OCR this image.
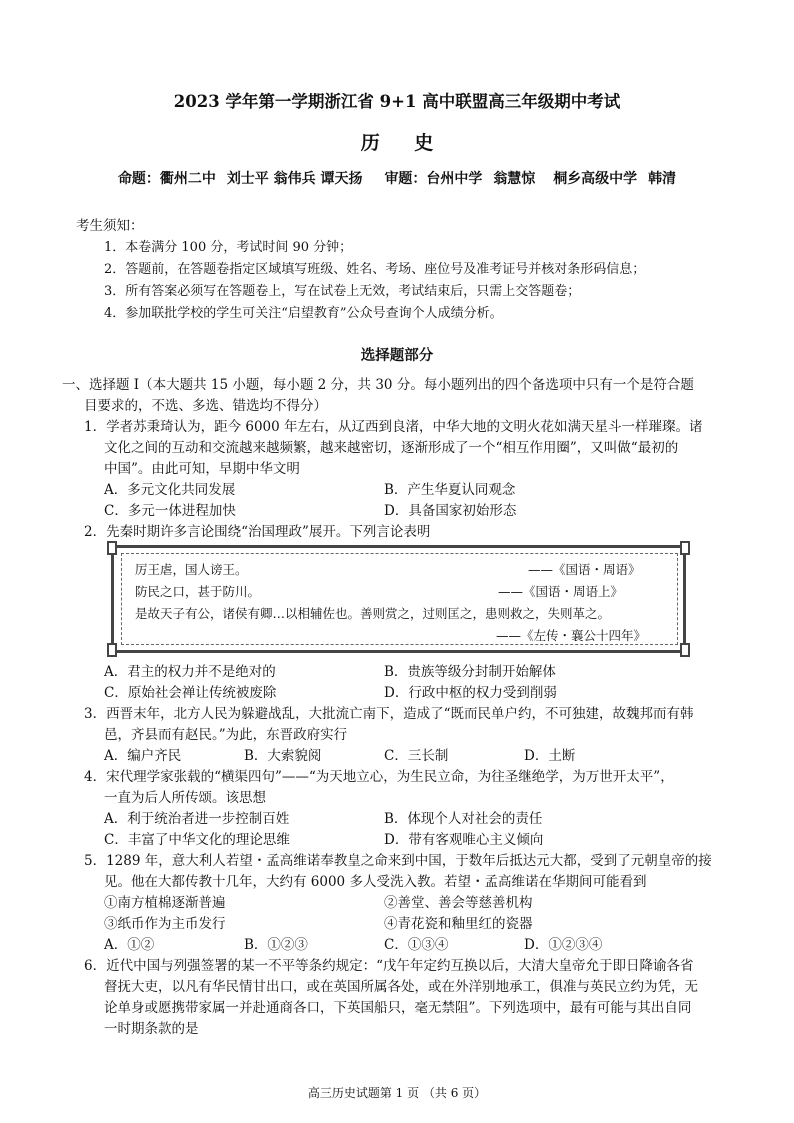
2023 学年第一学期浙江省 9+1 高中联盟高三年级期中考试
历 史
命题：衢州二中 刘士平 翁伟兵 谭天扬 审题：台州中学 翁慧惊 桐乡高级中学 韩清
考生须知：
1．本卷满分 100 分，考试时间 90 分钟；
2．答题前，在答题卷指定区域填写班级、姓名、考场、座位号及准考证号并核对条形码信息；
3．所有答案必须写在答题卷上，写在试卷上无效，考试结束后，只需上交答题卷；
4．参加联批学校的学生可关注“启望教育”公众号查询个人成绩分析。
选择题部分
一、选择题 I（本大题共 15 小题，每小题 2 分，共 30 分。每小题列出的四个备选项中只有一个是符合题
目要求的，不选、多选、错选均不得分）
1．学者苏秉琦认为，距今 6000 年左右，从辽西到良渚，中华大地的文明火花如满天星斗一样璀璨。诸
文化之间的互动和交流越来越频繁，越来越密切，逐渐形成了一个“相互作用圈”，又叫做“最初的
中国”。由此可知，早期中华文明
A．多元文化共同发展	B．产生华夏认同观念
C．多元一体进程加快	D．具备国家初始形态
2．先秦时期许多言论围绕“治国理政”展开。下列言论表明
厉王虐，国人谤王。	——《国语・周语》
防民之口，甚于防川。	——《国语・周语上》
是故天子有公，诸侯有卿…以相辅佐也。善则赏之，过则匡之，患则救之，失则革之。
——《左传・襄公十四年》
A．君主的权力并不是绝对的	B．贵族等级分封制开始解体
C．原始社会禅让传统被废除	D．行政中枢的权力受到削弱
3．西晋末年，北方人民为躲避战乱，大批流亡南下，造成了“既而民单户约，不可独建，故魏邦而有韩
邑，齐县而有赵民。”为此，东晋政府实行
A．编户齐民	B．大索貌阅	C．三长制	D．土断
4．宋代理学家张载的“横渠四句”——“为天地立心，为生民立命，为往圣继绝学，为万世开太平”，
一直为后人所传颂。该思想
A．利于统治者进一步控制百姓	B．体现个人对社会的责任
C．丰富了中华文化的理论思维	D．带有客观唯心主义倾向
5．1289 年，意大利人若望・孟高维诺奉教皇之命来到中国，于数年后抵达元大都，受到了元朝皇帝的接
见。他在大都传教十几年，大约有 6000 多人受洗入教。若望・孟高维诺在华期间可能看到
①南方植棉逐渐普遍	②善堂、善会等慈善机构
③纸币作为主币发行	④青花瓷和釉里红的瓷器
A．①②	B．①②③	C．①③④	D．①②③④
6．近代中国与列强签署的某一不平等条约规定：“戊午年定约互换以后，大清大皇帝允于即日降谕各省
督抚大吏，以凡有华民情甘出口，或在英国所属各处，或在外洋别地承工，俱准与英民立约为凭，无
论单身或愿携带家属一并赴通商各口，下英国船只，毫无禁阻”。下列选项中，最有可能与其出自同
一时期条款的是
高三历史试题第 1 页 （共 6 页）
